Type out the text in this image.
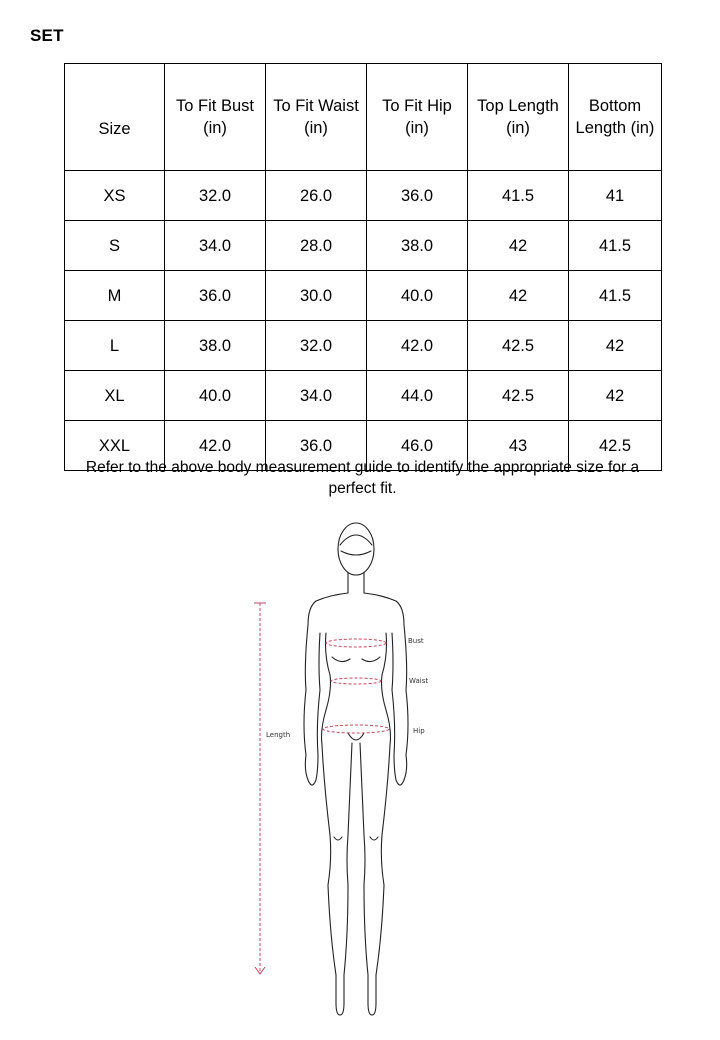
SET
Size	To Fit Bust (in)	To Fit Waist (in)	To Fit Hip (in)	Top Length (in)	Bottom Length (in)
XS	32.0	26.0	36.0	41.5	41
S	34.0	28.0	38.0	42	41.5
M	36.0	30.0	40.0	42	41.5
L	38.0	32.0	42.0	42.5	42
XL	40.0	34.0	44.0	42.5	42
XXL	42.0	36.0	46.0	43	42.5
Refer to the above body measurement guide to identify the appropriate size for a perfect fit.
Bust
Waist
Hip
Length
